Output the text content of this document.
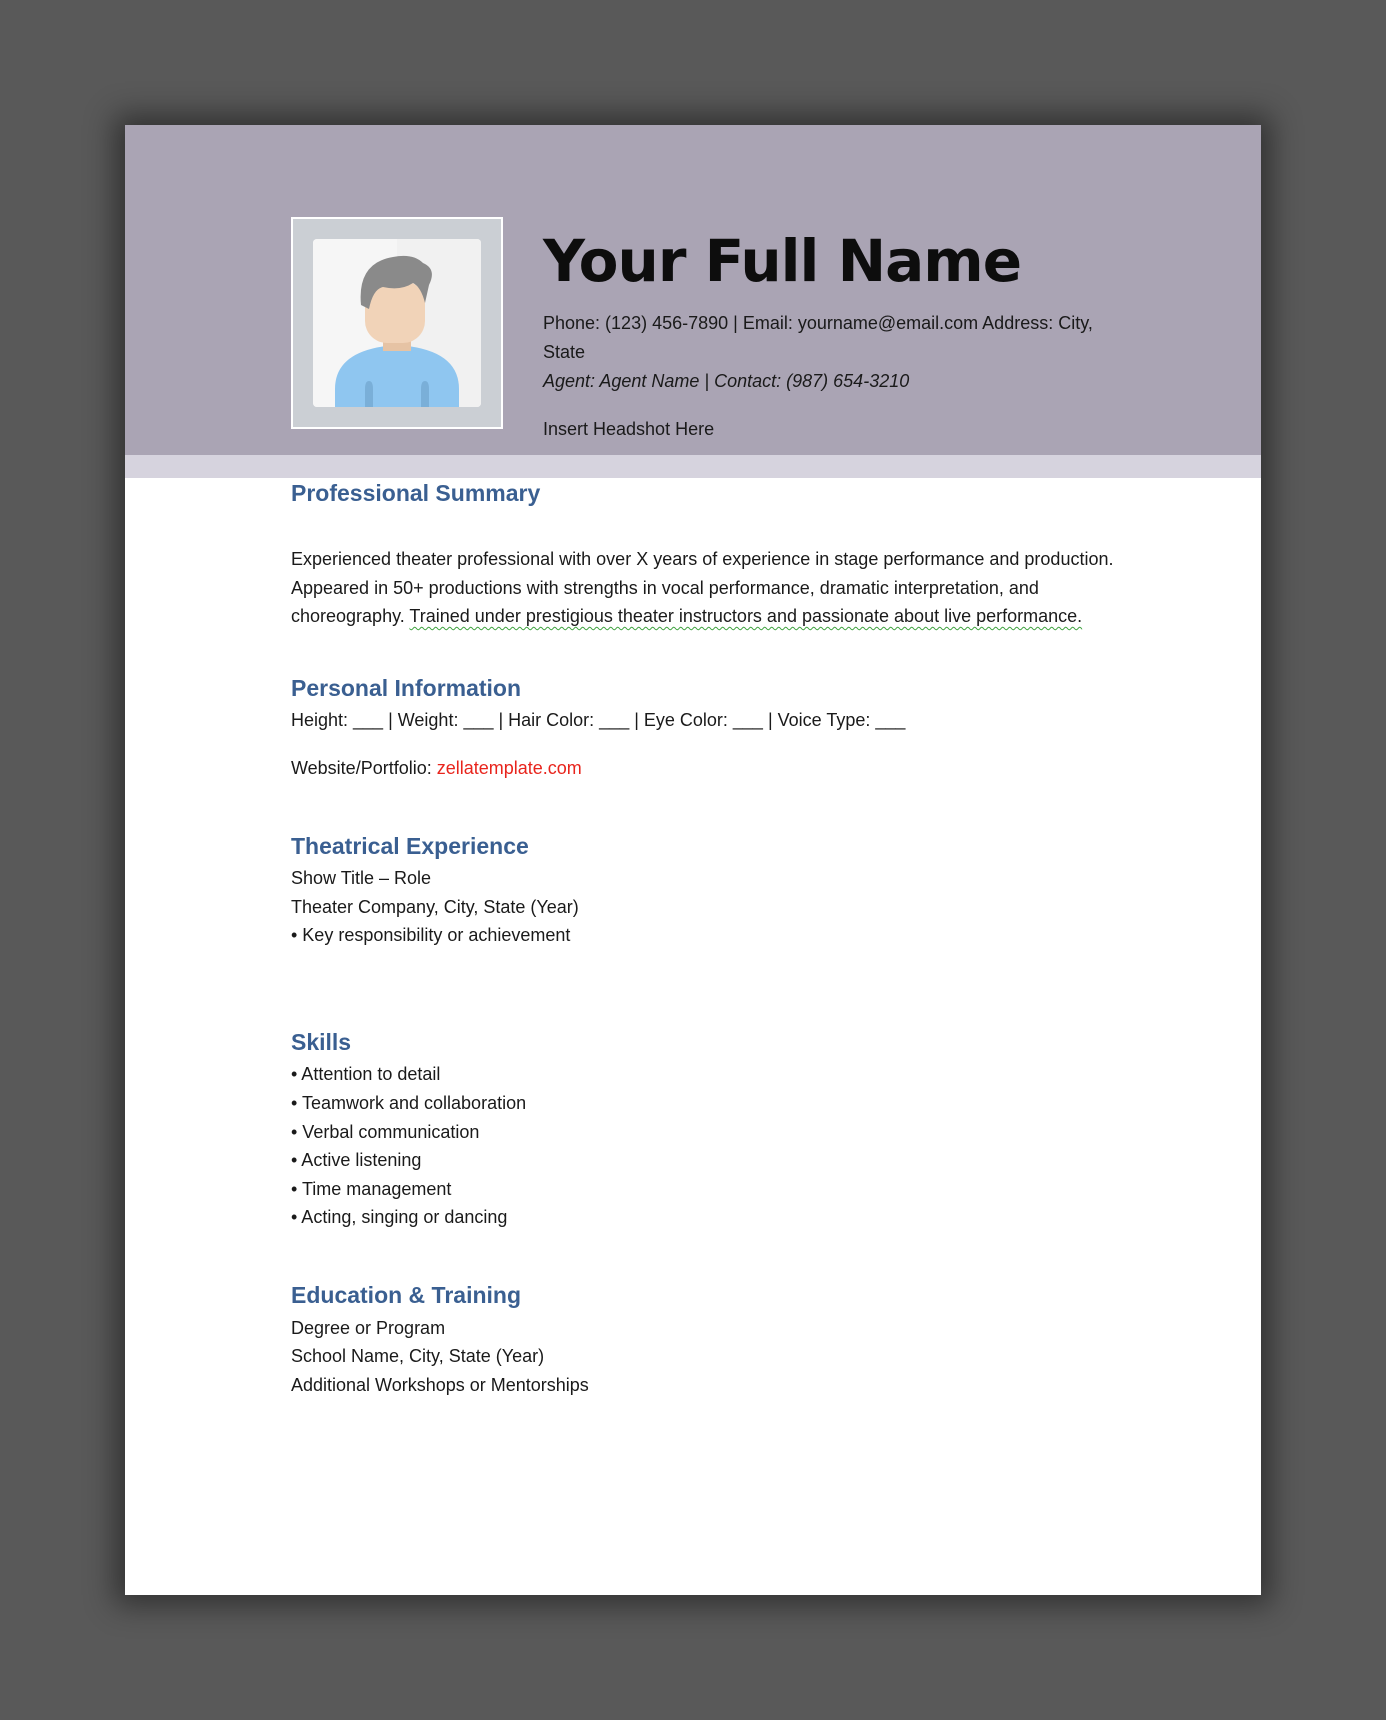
Your Full Name
Phone: (123) 456-7890 | Email: yourname@email.com Address: City, State
Agent: Agent Name | Contact: (987) 654-3210
Insert Headshot Here
Professional Summary
Experienced theater professional with over X years of experience in stage performance and production. Appeared in 50+ productions with strengths in vocal performance, dramatic interpretation, and choreography. Trained under prestigious theater instructors and passionate about live performance.
Personal Information
Height: ___ | Weight: ___ | Hair Color: ___ | Eye Color: ___ | Voice Type: ___
Website/Portfolio: zellatemplate.com
Theatrical Experience
Show Title – Role
Theater Company, City, State (Year)
• Key responsibility or achievement
Skills
• Attention to detail
• Teamwork and collaboration
• Verbal communication
• Active listening
• Time management
• Acting, singing or dancing
Education & Training
Degree or Program
School Name, City, State (Year)
Additional Workshops or Mentorships
